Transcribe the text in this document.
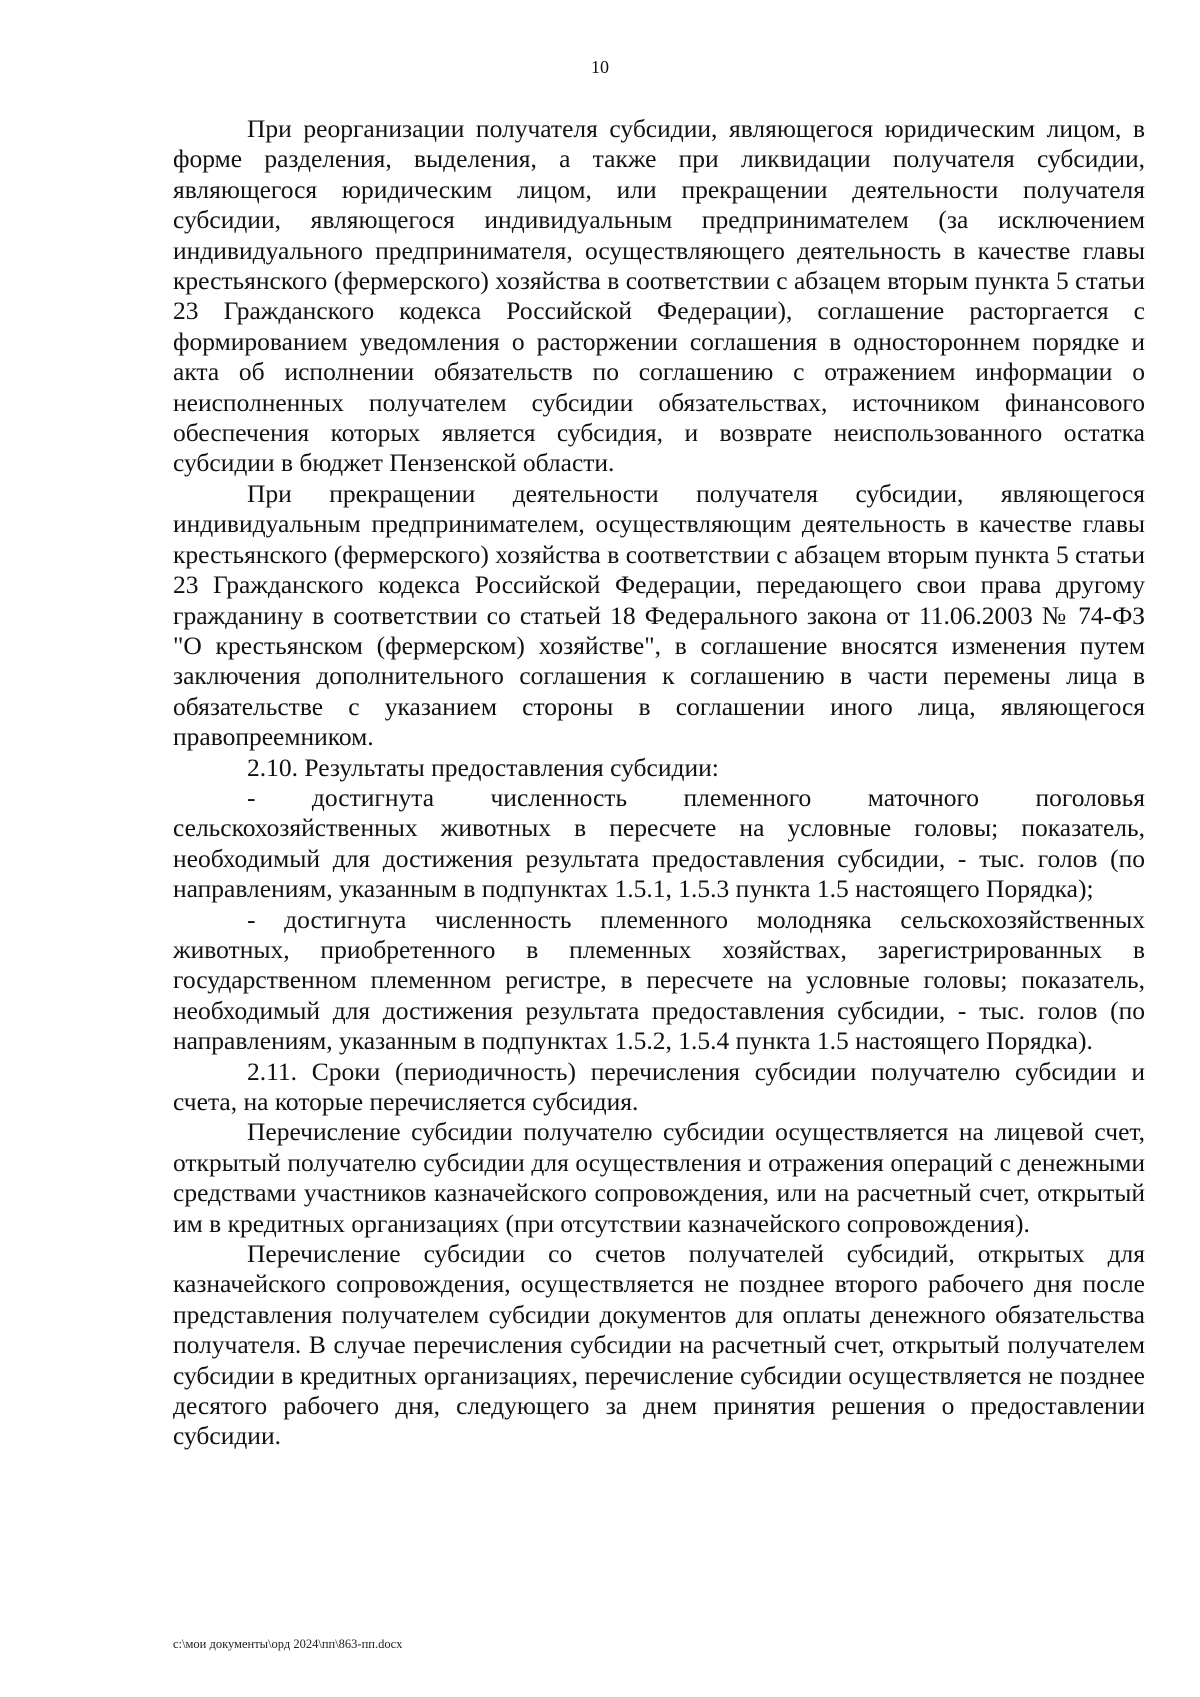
10

При реорганизации получателя субсидии, являющегося юридическим лицом, в форме разделения, выделения, а также при ликвидации получателя субсидии, являющегося юридическим лицом, или прекращении деятельности получателя субсидии, являющегося индивидуальным предпринимателем (за исключением индивидуального предпринимателя, осуществляющего деятельность в качестве главы крестьянского (фермерского) хозяйства в соответствии с абзацем вторым пункта 5 статьи 23 Гражданского кодекса Российской Федерации), соглашение расторгается с формированием уведомления о расторжении соглашения в одностороннем порядке и акта об исполнении обязательств по соглашению с отражением информации о неисполненных получателем субсидии обязательствах, источником финансового обеспечения которых является субсидия, и возврате неиспользованного остатка субсидии в бюджет Пензенской области.

При прекращении деятельности получателя субсидии, являющегося индивидуальным предпринимателем, осуществляющим деятельность в качестве главы крестьянского (фермерского) хозяйства в соответствии с абзацем вторым пункта 5 статьи 23 Гражданского кодекса Российской Федерации, передающего свои права другому гражданину в соответствии со статьей 18 Федерального закона от 11.06.2003 № 74-ФЗ "О крестьянском (фермерском) хозяйстве", в соглашение вносятся изменения путем заключения дополнительного соглашения к соглашению в части перемены лица в обязательстве с указанием стороны в соглашении иного лица, являющегося правопреемником.

2.10. Результаты предоставления субсидии:

- достигнута численность племенного маточного поголовья сельскохозяйственных животных в пересчете на условные головы; показатель, необходимый для достижения результата предоставления субсидии, - тыс. голов (по направлениям, указанным в подпунктах 1.5.1, 1.5.3 пункта 1.5 настоящего Порядка);

- достигнута численность племенного молодняка сельскохозяйственных животных, приобретенного в племенных хозяйствах, зарегистрированных в государственном племенном регистре, в пересчете на условные головы; показатель, необходимый для достижения результата предоставления субсидии, - тыс. голов (по направлениям, указанным в подпунктах 1.5.2, 1.5.4 пункта 1.5 настоящего Порядка).

2.11. Сроки (периодичность) перечисления субсидии получателю субсидии и счета, на которые перечисляется субсидия.

Перечисление субсидии получателю субсидии осуществляется на лицевой счет, открытый получателю субсидии для осуществления и отражения операций с денежными средствами участников казначейского сопровождения, или на расчетный счет, открытый им в кредитных организациях (при отсутствии казначейского сопровождения).

Перечисление субсидии со счетов получателей субсидий, открытых для казначейского сопровождения, осуществляется не позднее второго рабочего дня после представления получателем субсидии документов для оплаты денежного обязательства получателя. В случае перечисления субсидии на расчетный счет, открытый получателем субсидии в кредитных организациях, перечисление субсидии осуществляется не позднее десятого рабочего дня, следующего за днем принятия решения о предоставлении субсидии.

c:\мои документы\орд 2024\пп\863-пп.docx
